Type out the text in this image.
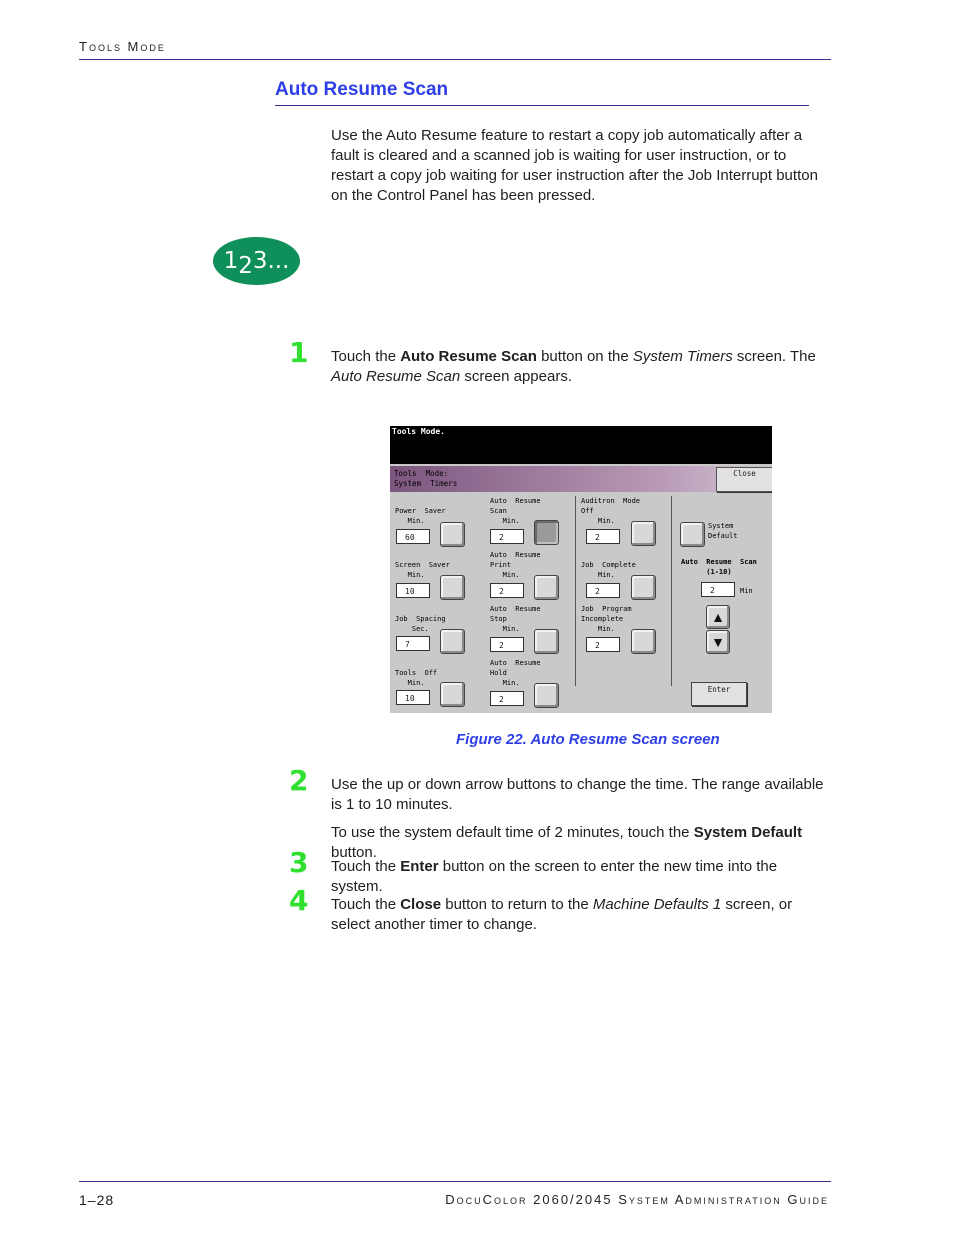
Tools Mode
Auto Resume Scan
Use the Auto Resume feature to restart a copy job automatically after a fault is cleared and a scanned job is waiting for user instruction, or to restart a copy job waiting for user instruction after the Job Interrupt button on the Control Panel has been pressed.
1 2 3...
1 Touch the Auto Resume Scan button on the System Timers screen. The Auto Resume Scan screen appears.
Tools Mode.
Tools  Mode:
System  Timers
Close
Power  Saver
Min.
60
Screen  Saver
Min.
10
Job  Spacing
Sec.
7
Tools  Off
Min.
10
Auto  Resume
Scan
Min.
2
Auto  Resume
Print
Min.
2
Auto  Resume
Stop
Min.
2
Auto  Resume
Hold
Min.
2
Auditron  Mode
Off
Min.
2
Job  Complete
Min.
2
Job  Program
Incomplete
Min.
2
System
Default
Auto  Resume  Scan
(1-10)
2	Min
▲
▼
Enter
Figure 22. Auto Resume Scan screen
2 Use the up or down arrow buttons to change the time. The range available is 1 to 10 minutes.
To use the system default time of 2 minutes, touch the System Default button.
3 Touch the Enter button on the screen to enter the new time into the system.
4 Touch the Close button to return to the Machine Defaults 1 screen, or select another timer to change.
1–28	DocuColor 2060/2045 System Administration Guide
